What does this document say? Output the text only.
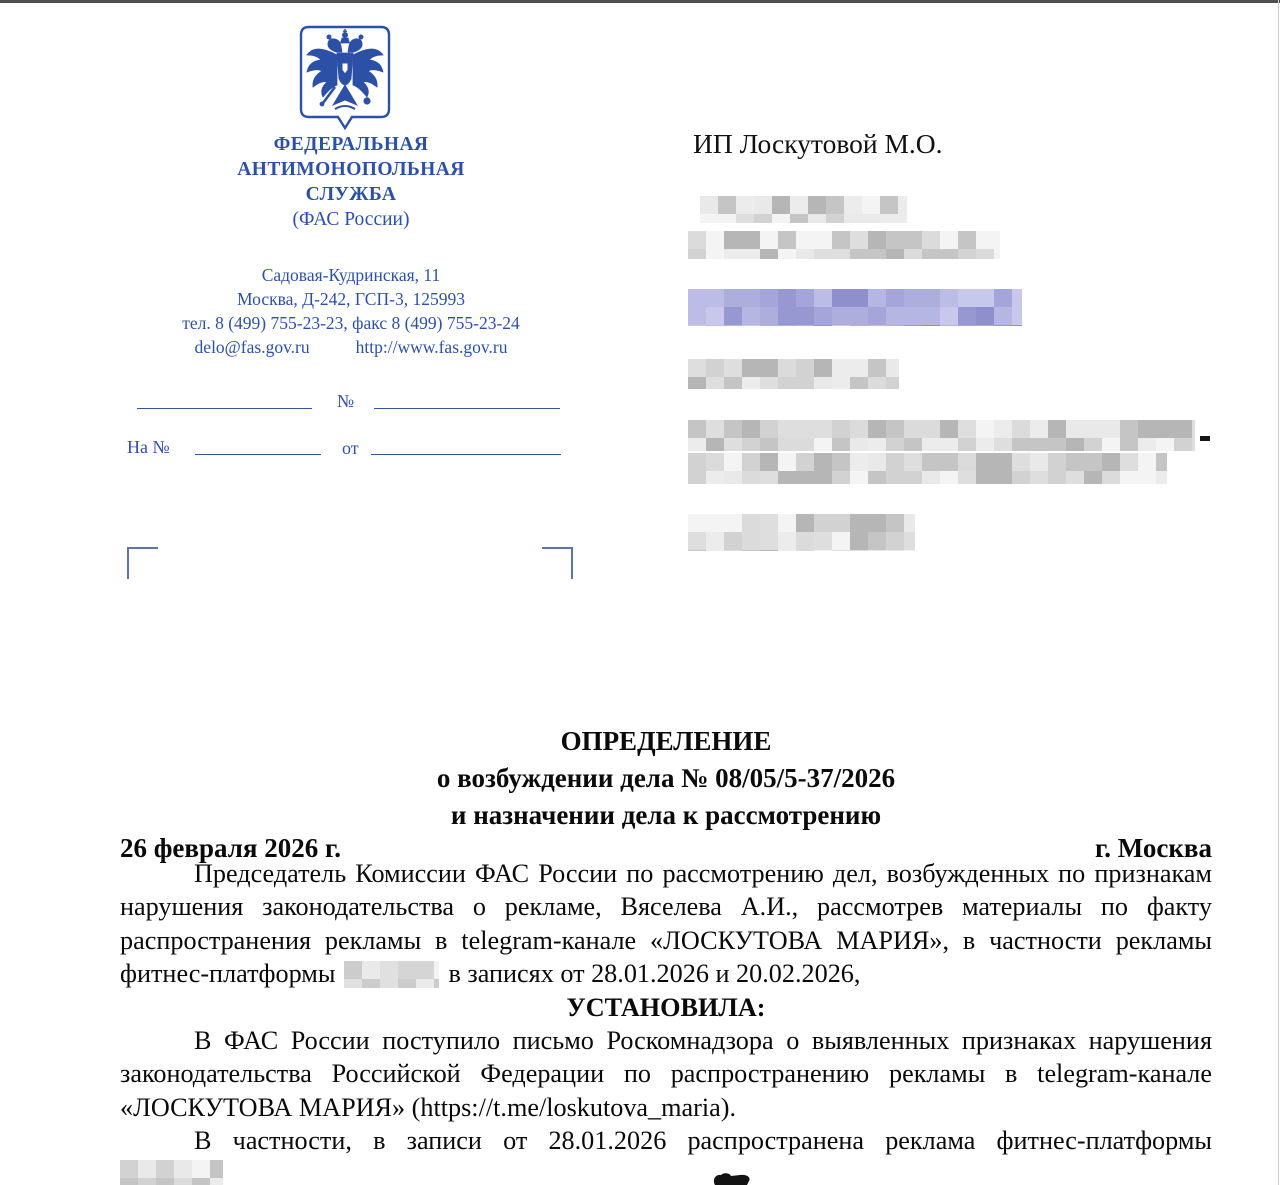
ФЕДЕРАЛЬНАЯ
АНТИМОНОПОЛЬНАЯ
СЛУЖБА
(ФАС России)
Садовая-Кудринская, 11
Москва, Д-242, ГСП-3, 125993
тел. 8 (499) 755-23-23, факс 8 (499) 755-23-24
delo@fas.gov.ru	http://www.fas.gov.ru
№
На №	от
ИП Лоскутовой М.О.
ОПРЕДЕЛЕНИЕ
о возбуждении дела № 08/05/5-37/2026
и назначении дела к рассмотрению
26 февраля 2026 г.	г. Москва

Председатель Комиссии ФАС России по рассмотрению дел, возбужденных по признакам нарушения законодательства о рекламе, Вяселева А.И., рассмотрев материалы по факту распространения рекламы в telegram-канале «ЛОСКУТОВА МАРИЯ», в частности рекламы фитнес-платформы	в записях от 28.01.2026 и 20.02.2026,

УСТАНОВИЛА:

В ФАС России поступило письмо Роскомнадзора о выявленных признаках нарушения законодательства Российской Федерации по распространению рекламы в telegram-канале «ЛОСКУТОВА МАРИЯ» (https://t.me/loskutova_maria).

В частности, в записи от 28.01.2026 распространена реклама фитнес-платформы
